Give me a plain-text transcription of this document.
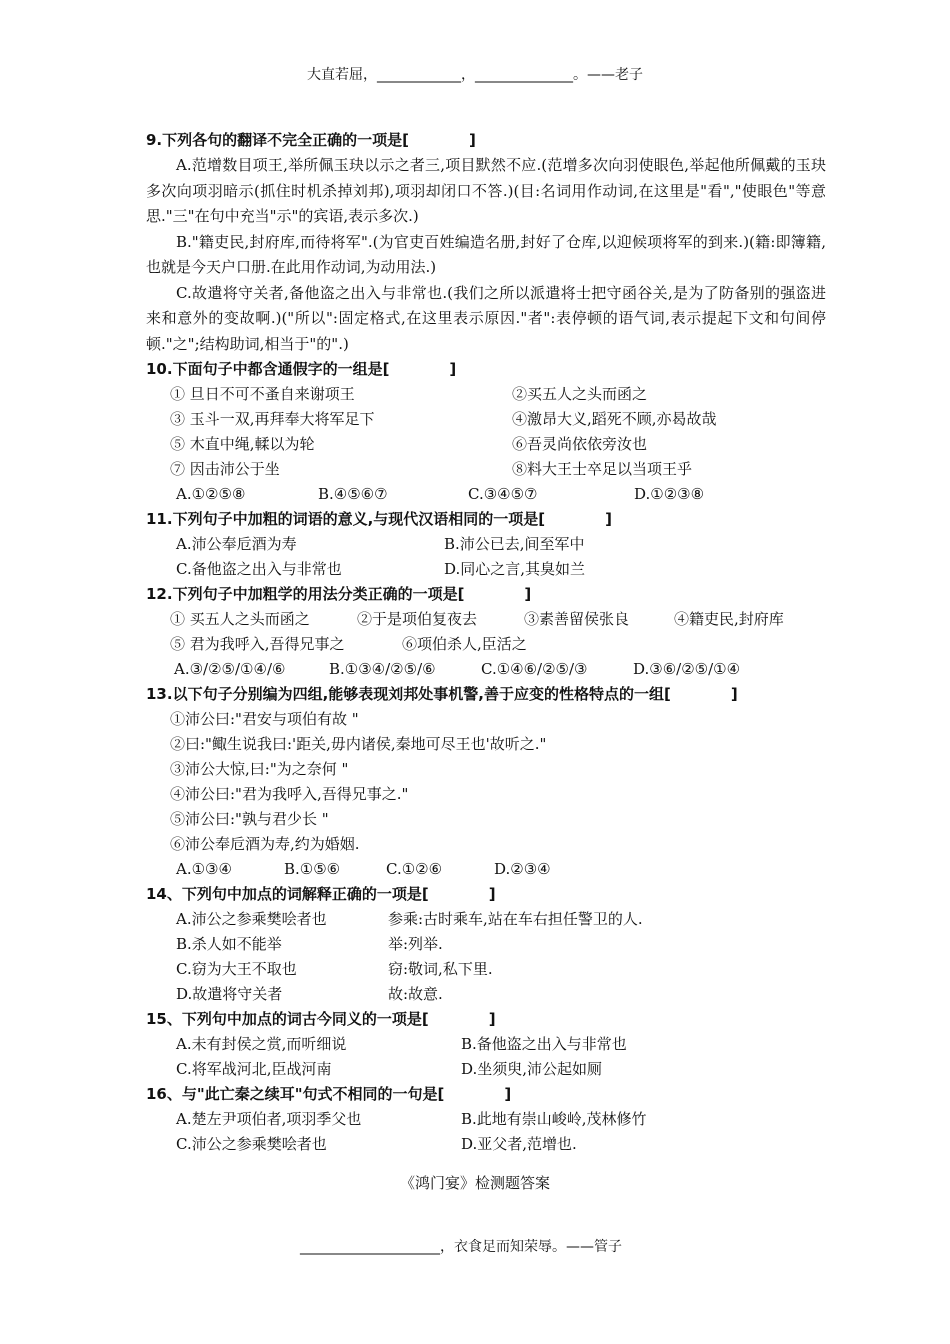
大直若屈，____________，______________。——老子
9.下列各句的翻译不完全正确的一项是[　　　　]
A.范增数目项王,举所佩玉玦以示之者三,项目默然不应.(范增多次向羽使眼色,举起他所佩戴的玉玦多次向项羽暗示(抓住时机杀掉刘邦),项羽却闭口不答.)(目:名词用作动词,在这里是"看","使眼色"等意思."三"在句中充当"示"的宾语,表示多次.)
B."籍吏民,封府库,而待将军".(为官吏百姓编造名册,封好了仓库,以迎候项将军的到来.)(籍:即簿籍,也就是今天户口册.在此用作动词,为动用法.)
C.故遣将守关者,备他盗之出入与非常也.(我们之所以派遣将士把守函谷关,是为了防备别的强盗进来和意外的变故啊.)("所以":固定格式,在这里表示原因."者":表停顿的语气词,表示提起下文和句间停顿."之";结构助词,相当于"的".)
10.下面句子中都含通假字的一组是[　　　　]
① 旦日不可不蚤自来谢项王	②买五人之头而函之
③ 玉斗一双,再拜奉大将军足下	④激昂大义,蹈死不顾,亦曷故哉
⑤ 木直中绳,輮以为轮	⑥吾灵尚依依旁汝也
⑦ 因击沛公于坐	⑧料大王士卒足以当项王乎
A.①②⑤⑧	B.④⑤⑥⑦	C.③④⑤⑦	D.①②③⑧
11.下列句子中加粗的词语的意义,与现代汉语相同的一项是[　　　　]
A.沛公奉卮酒为寿	B.沛公已去,间至军中
C.备他盗之出入与非常也	D.同心之言,其臭如兰
12.下列句子中加粗学的用法分类正确的一项是[　　　　]
① 买五人之头而函之	②于是项伯复夜去	③素善留侯张良	④籍吏民,封府库
⑤ 君为我呼入,吾得兄事之	⑥项伯杀人,臣活之
A.③/②⑤/①④/⑥	B.①③④/②⑤/⑥	C.①④⑥/②⑤/③	D.③⑥/②⑤/①④
13.以下句子分别编为四组,能够表现刘邦处事机警,善于应变的性格特点的一组[　　　　]
①沛公曰:"君安与项伯有故 "
②曰:"鲰生说我曰:'距关,毋内诸侯,秦地可尽王也'故听之."
③沛公大惊,曰:"为之奈何 "
④沛公曰:"君为我呼入,吾得兄事之."
⑤沛公曰:"孰与君少长 "
⑥沛公奉卮酒为寿,约为婚姻.
A.①③④	B.①⑤⑥	C.①②⑥	D.②③④
14、下列句中加点的词解释正确的一项是[　　　　]
A.沛公之参乘樊哙者也	参乘:古时乘车,站在车右担任警卫的人.
B.杀人如不能举	举:列举.
C.窃为大王不取也	窃:敬词,私下里.
D.故遣将守关者	故:故意.
15、下列句中加点的词古今同义的一项是[　　　　]
A.未有封侯之赏,而听细说	B.备他盗之出入与非常也
C.将军战河北,臣战河南	D.坐须臾,沛公起如厕
16、与"此亡秦之续耳"句式不相同的一句是[　　　　]
A.楚左尹项伯者,项羽季父也	B.此地有崇山峻岭,茂林修竹
C.沛公之参乘樊哙者也	D.亚父者,范增也.
《鸿门宴》检测题答案
____________________，衣食足而知荣辱。——管子
